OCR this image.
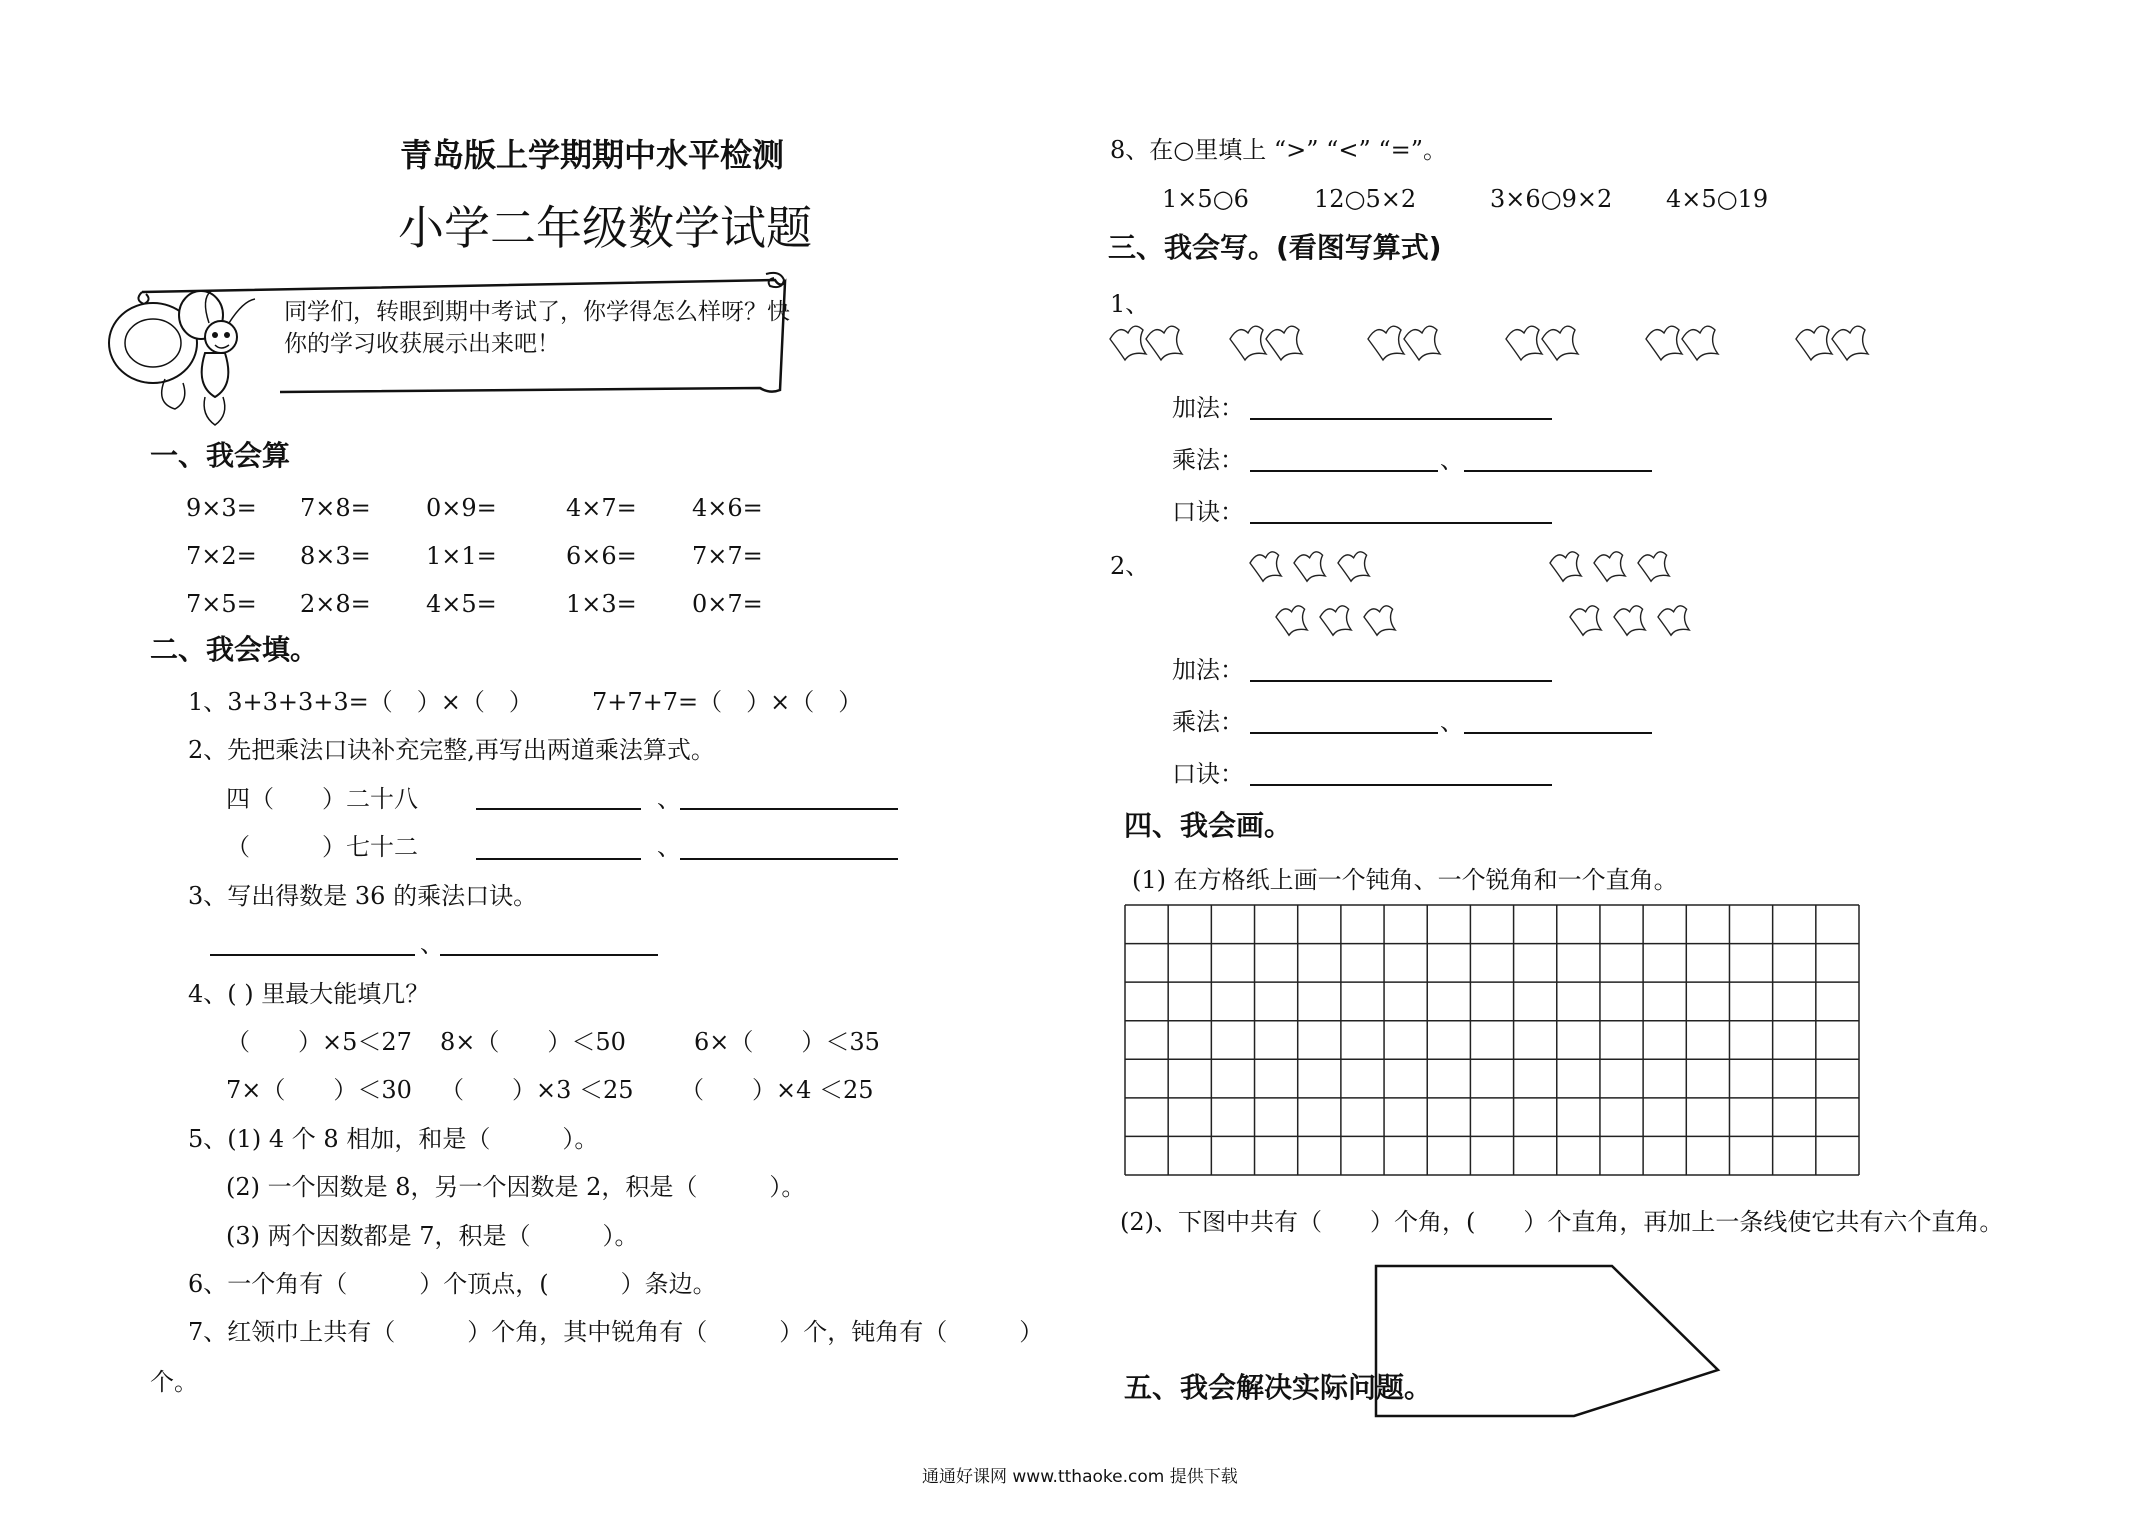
青岛版上学期期中水平检测
小学二年级数学试题
同学们，转眼到期中考试了，你学得怎么样呀？快
你的学习收获展示出来吧！
一、我会算
9×3= 7×8= 0×9=	4×7= 4×6=
7×2= 8×3= 1×1=	6×6= 7×7=
7×5= 2×8= 4×5=	1×3= 0×7=
二、我会填。
1、3+3+3+3=（　）×（　） 7+7+7=（　）×（　）
2、先把乘法口诀补充完整,再写出两道乘法算式。
四（　　）二十八	、
（　　　）七十二	、
3、写出得数是 36 的乘法口诀。
、
4、( ) 里最大能填几？
（　　）×5＜27 8×（　　）＜50	6×（　　）＜35
7×（　　）＜30 （　　）×3 ＜25 （　　）×4 ＜25
5、(1) 4 个 8 相加，和是（　　　）。
(2) 一个因数是 8，另一个因数是 2，积是（　　　）。
(3) 两个因数都是 7，积是（　　　）。
6、一个角有（　　　）个顶点，(　　　）条边。
7、红领巾上共有（　　　）个角，其中锐角有（　　　）个，钝角有（　　　）
个。
8、在○里填上 “>” “<” “=”。
1×5○6	12○5×2	3×6○9×2 4×5○19
三、我会写。(看图写算式)
1、
加法：
乘法：	、
口诀：
2、
加法：
乘法：	、
口诀：
四、我会画。
(1) 在方格纸上画一个钝角、一个锐角和一个直角。
(2)、下图中共有（　　）个角，(　　）个直角，再加上一条线使它共有六个直角。
五、我会解决实际问题。
通通好课网 www.tthaoke.com 提供下载
